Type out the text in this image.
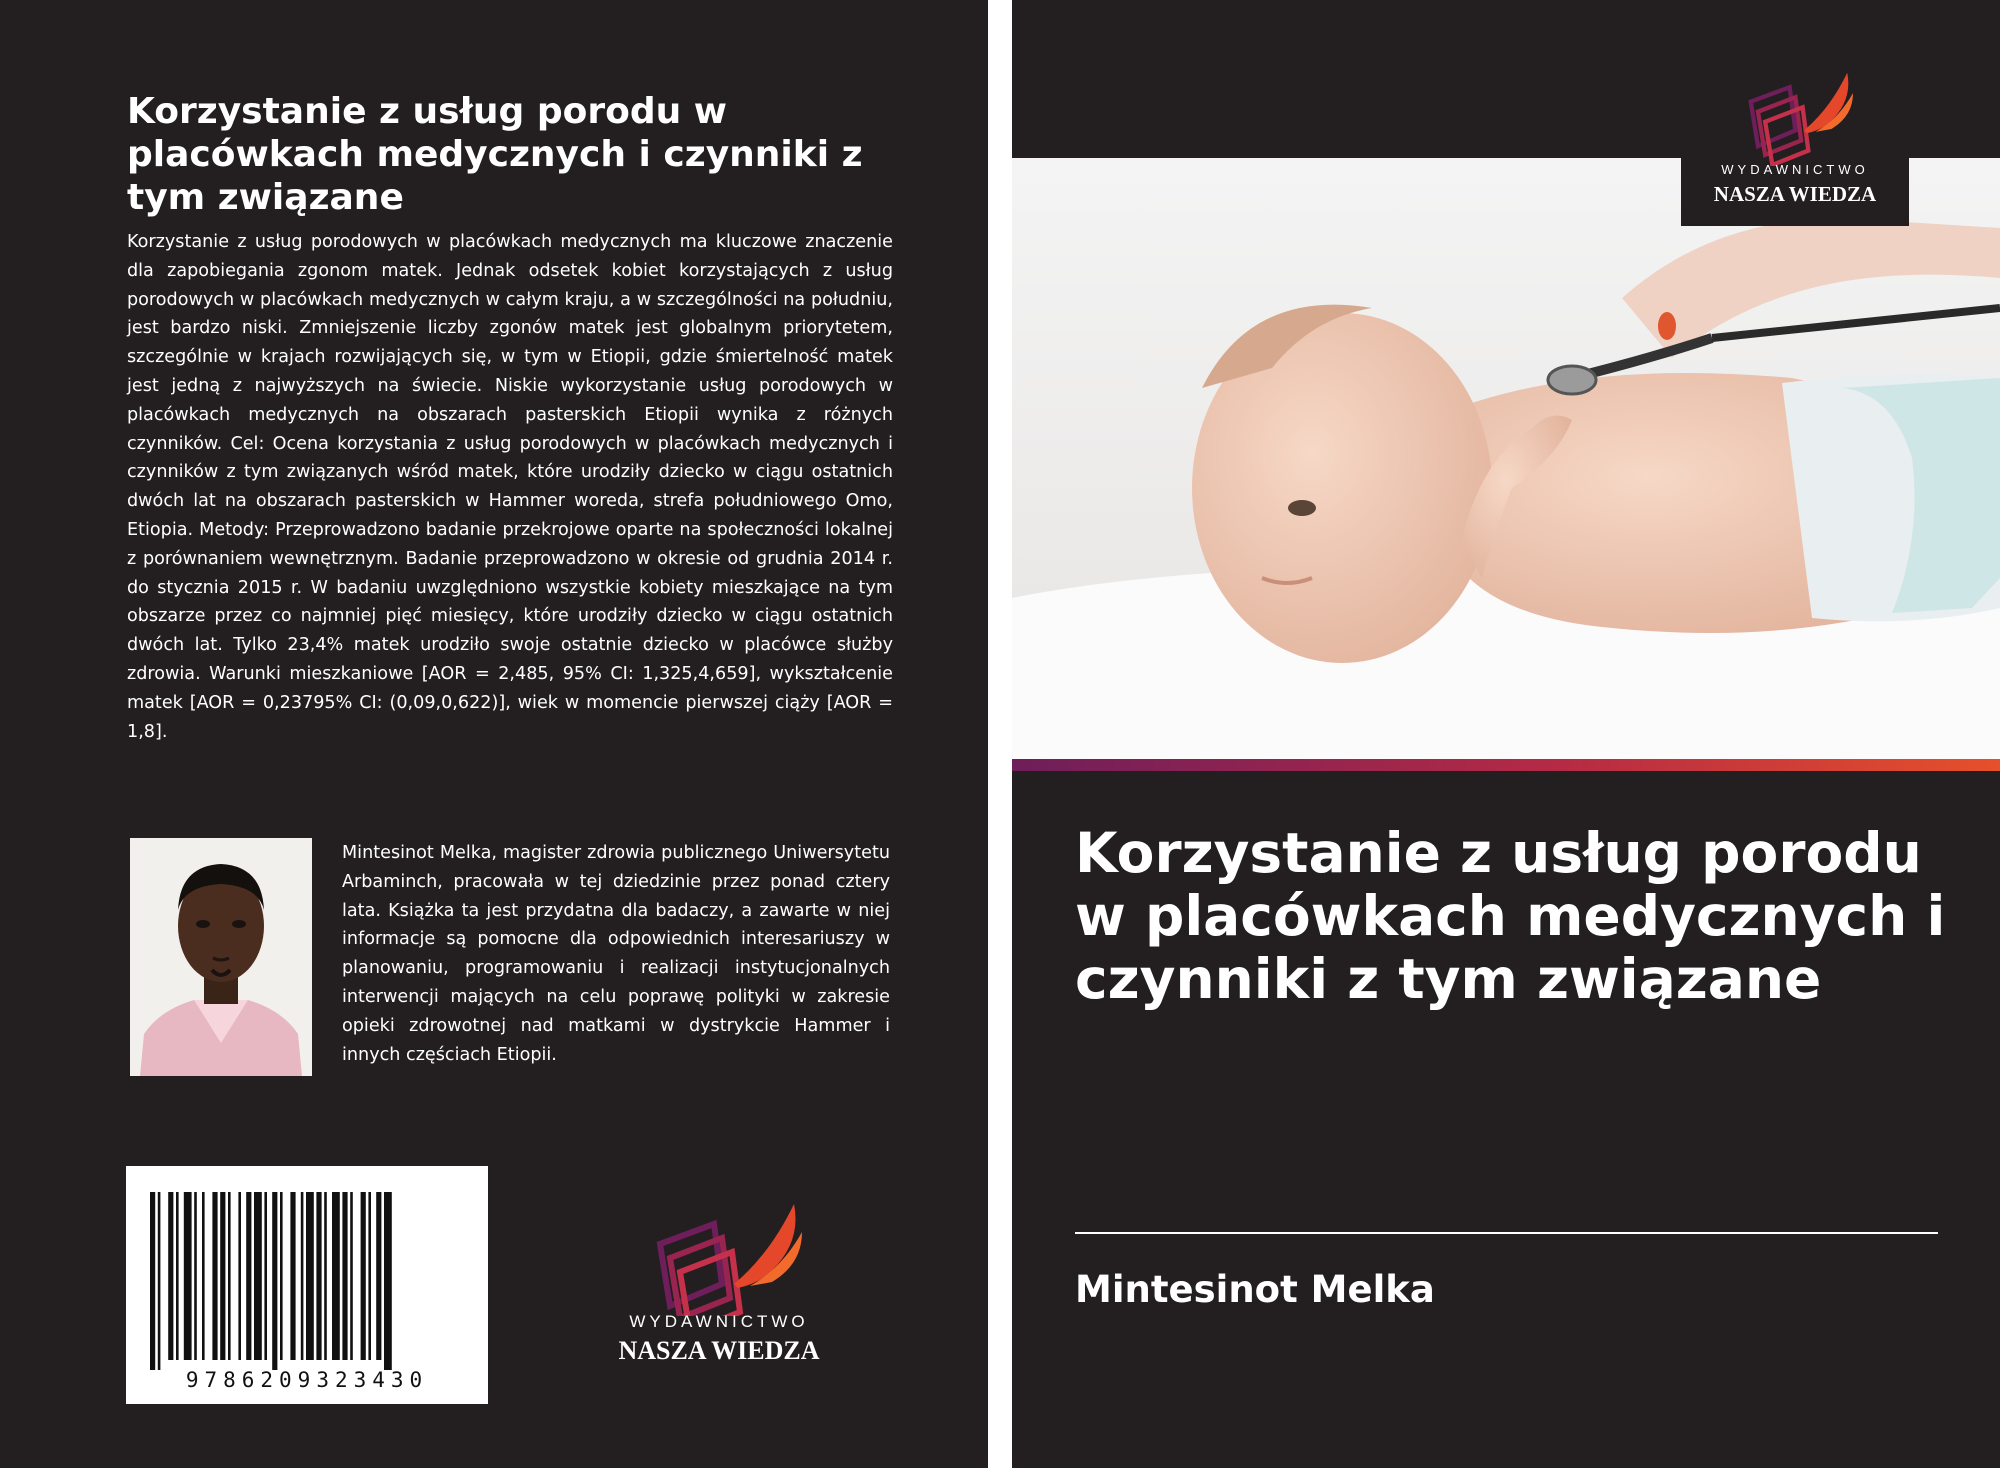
Korzystanie z usług porodu w placówkach medycznych i czynniki z tym związane

Korzystanie z usług porodowych w placówkach medycznych ma kluczowe znaczenie dla zapobiegania zgonom matek. Jednak odsetek kobiet korzystających z usług porodowych w placówkach medycznych w całym kraju, a w szczególności na południu, jest bardzo niski. Zmniejszenie liczby zgonów matek jest globalnym priorytetem, szczególnie w krajach rozwijających się, w tym w Etiopii, gdzie śmiertelność matek jest jedną z najwyższych na świecie. Niskie wykorzystanie usług porodowych w placówkach medycznych na obszarach pasterskich Etiopii wynika z różnych czynników. Cel: Ocena korzystania z usług porodowych w placówkach medycznych i czynników z tym związanych wśród matek, które urodziły dziecko w ciągu ostatnich dwóch lat na obszarach pasterskich w Hammer woreda, strefa południowego Omo, Etiopia. Metody: Przeprowadzono badanie przekrojowe oparte na społeczności lokalnej z porównaniem wewnętrznym. Badanie przeprowadzono w okresie od grudnia 2014 r. do stycznia 2015 r. W badaniu uwzględniono wszystkie kobiety mieszkające na tym obszarze przez co najmniej pięć miesięcy, które urodziły dziecko w ciągu ostatnich dwóch lat. Tylko 23,4% matek urodziło swoje ostatnie dziecko w placówce służby zdrowia. Warunki mieszkaniowe [AOR = 2,485, 95% CI: 1,325,4,659], wykształcenie matek [AOR = 0,23795% CI: (0,09,0,622)], wiek w momencie pierwszej ciąży [AOR = 1,8].

Mintesinot Melka, magister zdrowia publicznego Uniwersytetu Arbaminch, pracowała w tej dziedzinie przez ponad cztery lata. Książka ta jest przydatna dla badaczy, a zawarte w niej informacje są pomocne dla odpowiednich interesariuszy w planowaniu, programowaniu i realizacji instytucjonalnych interwencji mających na celu poprawę polityki w zakresie opieki zdrowotnej nad matkami w dystrykcie Hammer i innych częściach Etiopii.

9786209323430
WYDAWNICTWO
NASZA WIEDZA
WYDAWNICTWO
NASZA WIEDZA
Korzystanie z usług porodu w placówkach medycznych i czynniki z tym związane

Mintesinot Melka
